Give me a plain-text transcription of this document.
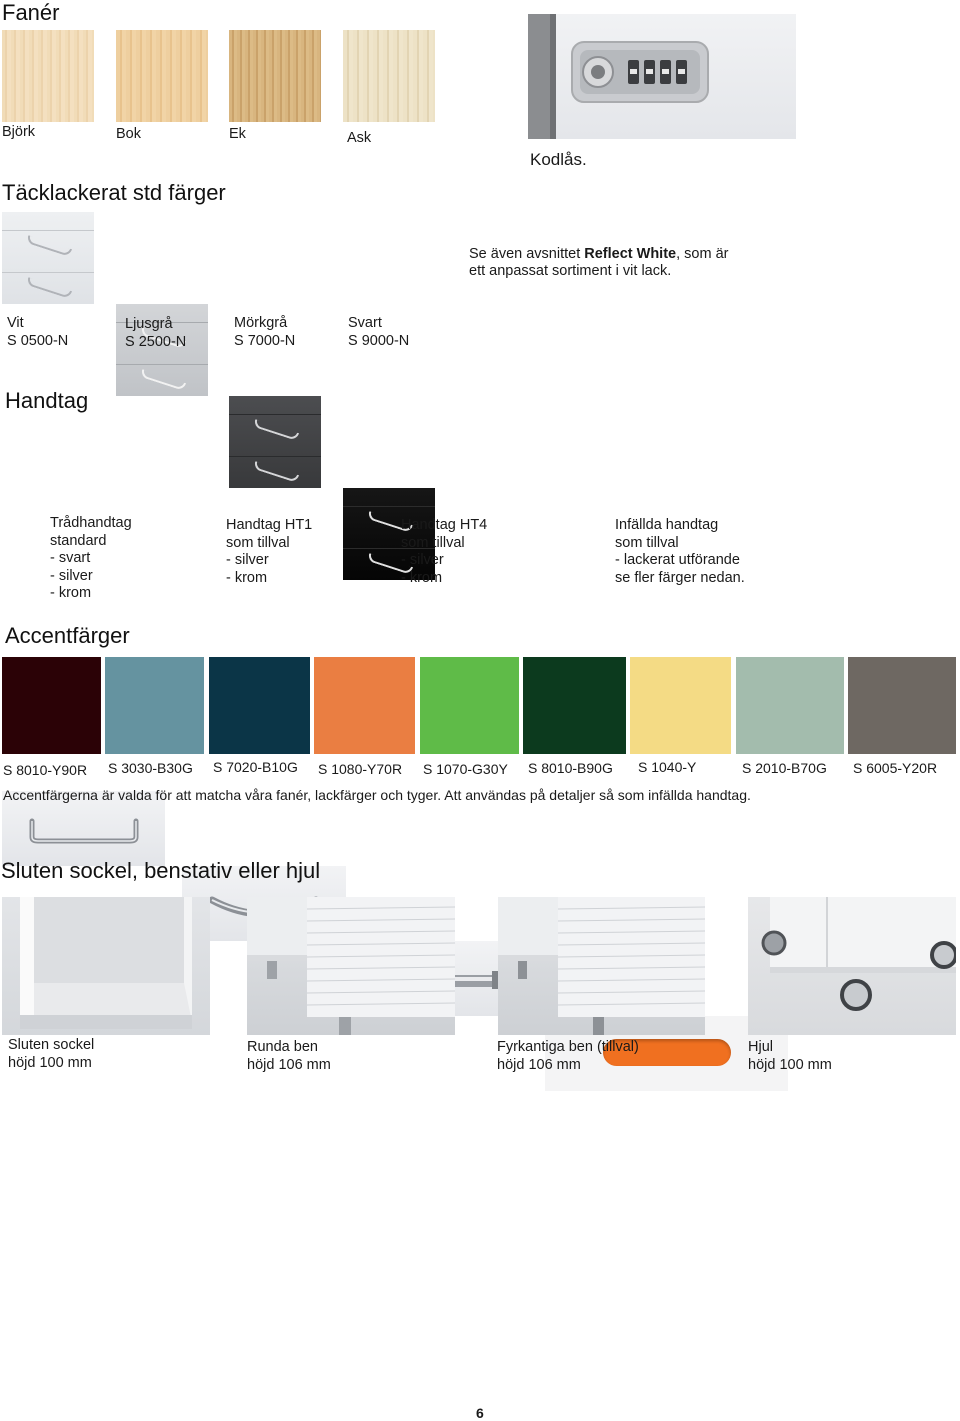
Fanér
Björk	Bok	Ek	Ask
Kodlås.
Täcklackerat std färger
Se även avsnittet Reflect White, som är
ett anpassat sortiment i vit lack.
Vit
S 0500-N
Ljusgrå
S 2500-N
Mörkgrå
S 7000-N
Svart
S 9000-N
Handtag
Trådhandtag
standard
- svart
- silver
- krom
Handtag HT1
som tillval
- silver
- krom
Handtag HT4
som tillval
- silver
- krom
Infällda handtag
som tillval
- lackerat utförande
se fler färger nedan.
Accentfärger
S 8010-Y90R S 3030-B30G S 7020-B10G S 1080-Y70R S 1070-G30Y S 8010-B90G S 1040-Y	S 2010-B70G S 6005-Y20R
Accentfärgerna är valda för att matcha våra fanér, lackfärger och tyger. Att användas på detaljer så som infällda handtag.
Sluten sockel, benstativ eller hjul
Sluten sockel
höjd 100 mm
Runda ben
höjd 106 mm
Fyrkantiga ben (tillval)
höjd 106 mm
Hjul
höjd 100 mm
6
